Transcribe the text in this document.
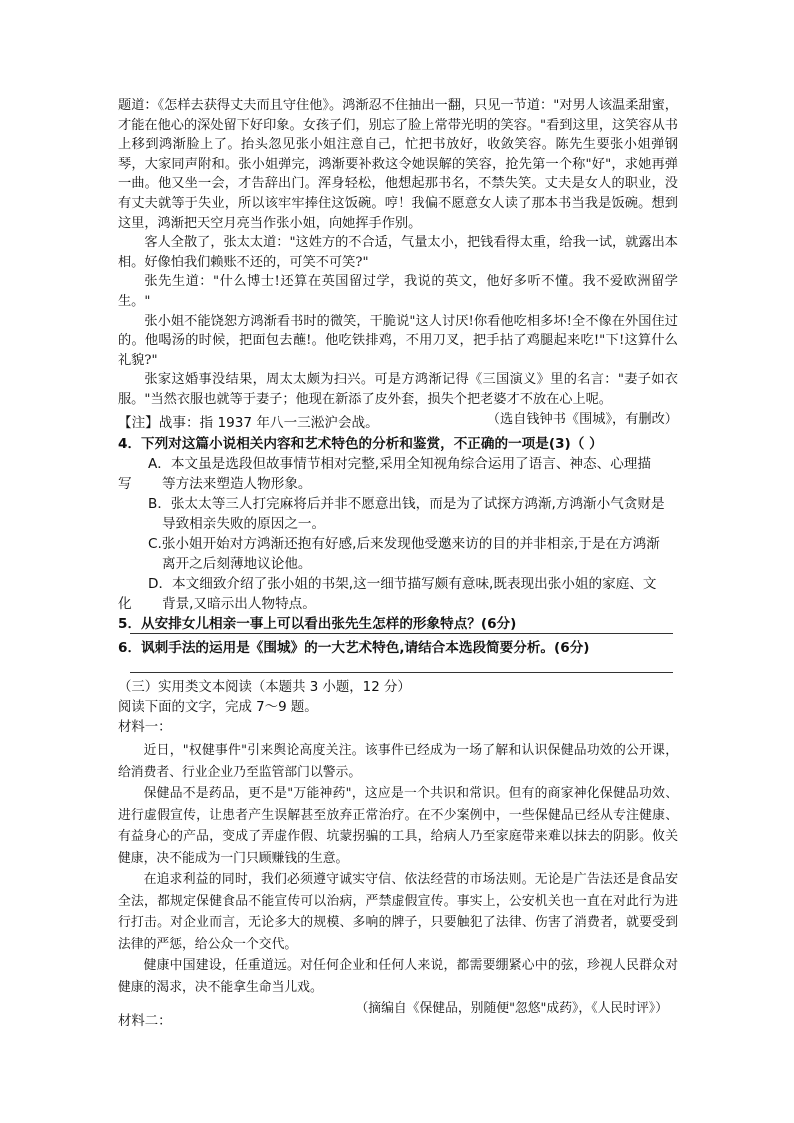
题道：《怎样去获得丈夫而且守住他》。鸿渐忍不住抽出一翻，只见一节道："对男人该温柔甜蜜，才能在他心的深处留下好印象。女孩子们，别忘了脸上常带光明的笑容。"看到这里，这笑容从书上移到鸿渐脸上了。抬头忽见张小姐注意自己，忙把书放好，收敛笑容。陈先生要张小姐弹钢琴，大家同声附和。张小姐弹完，鸿渐要补救这令她误解的笑容，抢先第一个称"好"，求她再弹一曲。他又坐一会，才告辞出门。浑身轻松，他想起那书名，不禁失笑。丈夫是女人的职业，没有丈夫就等于失业，所以该牢牢捧住这饭碗。哼！我偏不愿意女人读了那本书当我是饭碗。想到这里，鸿渐把天空月亮当作张小姐，向她挥手作别。

客人全散了，张太太道："这姓方的不合适，气量太小，把钱看得太重，给我一试，就露出本相。好像怕我们赖账不还的，可笑不可笑?"

张先生道："什么博士!还算在英国留过学，我说的英文，他好多听不懂。我不爱欧洲留学生。"

张小姐不能饶恕方鸿渐看书时的微笑，干脆说"这人讨厌!你看他吃相多坏!全不像在外国住过的。他喝汤的时候，把面包去蘸!。他吃铁排鸡，不用刀叉，把手拈了鸡腿起来吃!"下!这算什么礼貌?"

张家这婚事没结果，周太太颇为扫兴。可是方鸿渐记得《三国演义》里的名言："妻子如衣服。"当然衣服也就等于妻子；他现在新添了皮外套，损失个把老婆才不放在心上呢。

（选自钱钟书《围城》，有删改）

【注】战事：指 1937 年八一三淞沪会战。

4．下列对这篇小说相关内容和艺术特色的分析和鉴赏，不正确的一项是(3)（ ）

A．本文虽是选段但故事情节相对完整,采用全知视角综合运用了语言、神态、心理描
写	等方法来塑造人物形象。
B．张太太等三人打完麻将后并非不愿意出钱，而是为了试探方鸿渐,方鸿渐小气贪财是
导致相亲失败的原因之一。
C.张小姐开始对方鸿渐还抱有好感,后来发现他受邀来访的目的并非相亲,于是在方鸿渐
离开之后刻薄地议论他。
D．本文细致介绍了张小姐的书架,这一细节描写颇有意味,既表现出张小姐的家庭、文
化	背景,又暗示出人物特点。

5．从安排女儿相亲一事上可以看出张先生怎样的形象特点？(6分)

6．讽刺手法的运用是《围城》的一大艺术特色,请结合本选段简要分析。(6分)

（三）实用类文本阅读（本题共 3 小题，12 分）

阅读下面的文字，完成 7～9 题。

材料一：

近日，"权健事件"引来舆论高度关注。该事件已经成为一场了解和认识保健品功效的公开课，给消费者、行业企业乃至监管部门以警示。

保健品不是药品，更不是"万能神药"，这应是一个共识和常识。但有的商家神化保健品功效、进行虚假宣传，让患者产生误解甚至放弃正常治疗。在不少案例中，一些保健品已经从专注健康、有益身心的产品，变成了弄虚作假、坑蒙拐骗的工具，给病人乃至家庭带来难以抹去的阴影。攸关健康，决不能成为一门只顾赚钱的生意。

在追求利益的同时，我们必须遵守诚实守信、依法经营的市场法则。无论是广告法还是食品安全法，都规定保健食品不能宣传可以治病，严禁虚假宣传。事实上，公安机关也一直在对此行为进行打击。对企业而言，无论多大的规模、多响的牌子，只要触犯了法律、伤害了消费者，就要受到法律的严惩，给公众一个交代。

健康中国建设，任重道远。对任何企业和任何人来说，都需要绷紧心中的弦，珍视人民群众对健康的渴求，决不能拿生命当儿戏。

（摘编自《保健品，别随便"忽悠"成药》，《人民时评》）

材料二：
